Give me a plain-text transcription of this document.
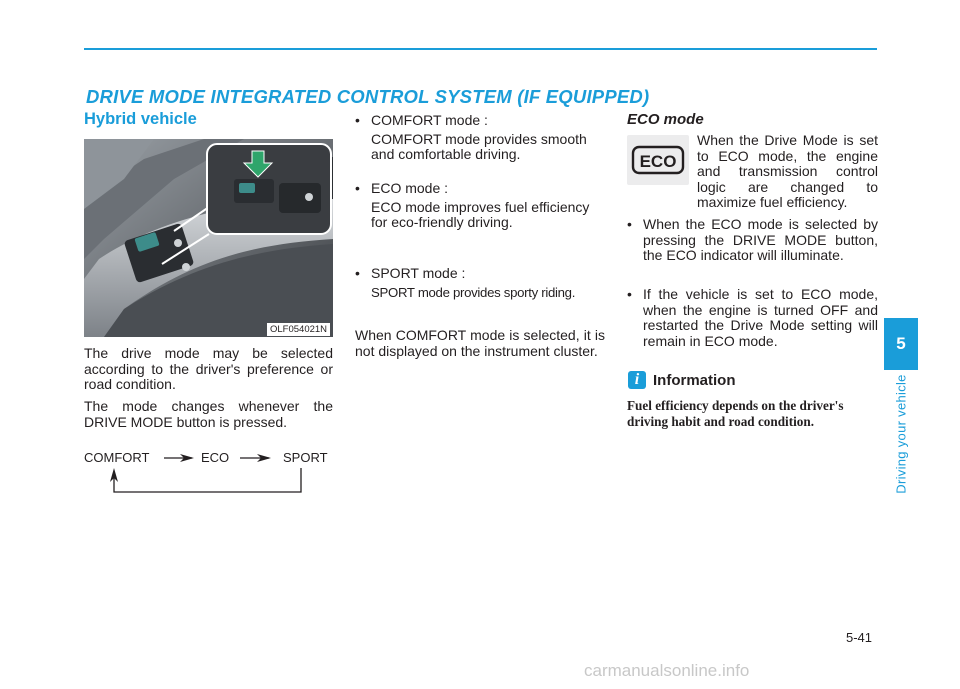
DRIVE MODE INTEGRATED CONTROL SYSTEM (IF EQUIPPED)
Hybrid vehicle
OLF054021N

The drive mode may be selected according to the driver's preference or road condition.

The mode changes whenever the DRIVE MODE button is pressed.

COMFORT	ECO	SPORT
• COMFORT mode :
COMFORT mode provides smooth and comfortable driving.
• ECO mode :
ECO mode improves fuel efficiency for eco-friendly driving.
• SPORT mode :
SPORT mode provides sporty riding.

When COMFORT mode is selected, it is not displayed on the instrument cluster.

ECO mode
ECO

When the Drive Mode is set to ECO mode, the engine and transmission control logic are changed to maximize fuel efficiency.

• When the ECO mode is selected by pressing the DRIVE MODE button, the ECO indicator will illuminate.
• If the vehicle is set to ECO mode, when the engine is turned OFF and restarted the Drive Mode setting will remain in ECO mode.
i Information
Fuel efficiency depends on the driver's driving habit and road condition.
5
Driving your vehicle
5-41
carmanualsonline.info
